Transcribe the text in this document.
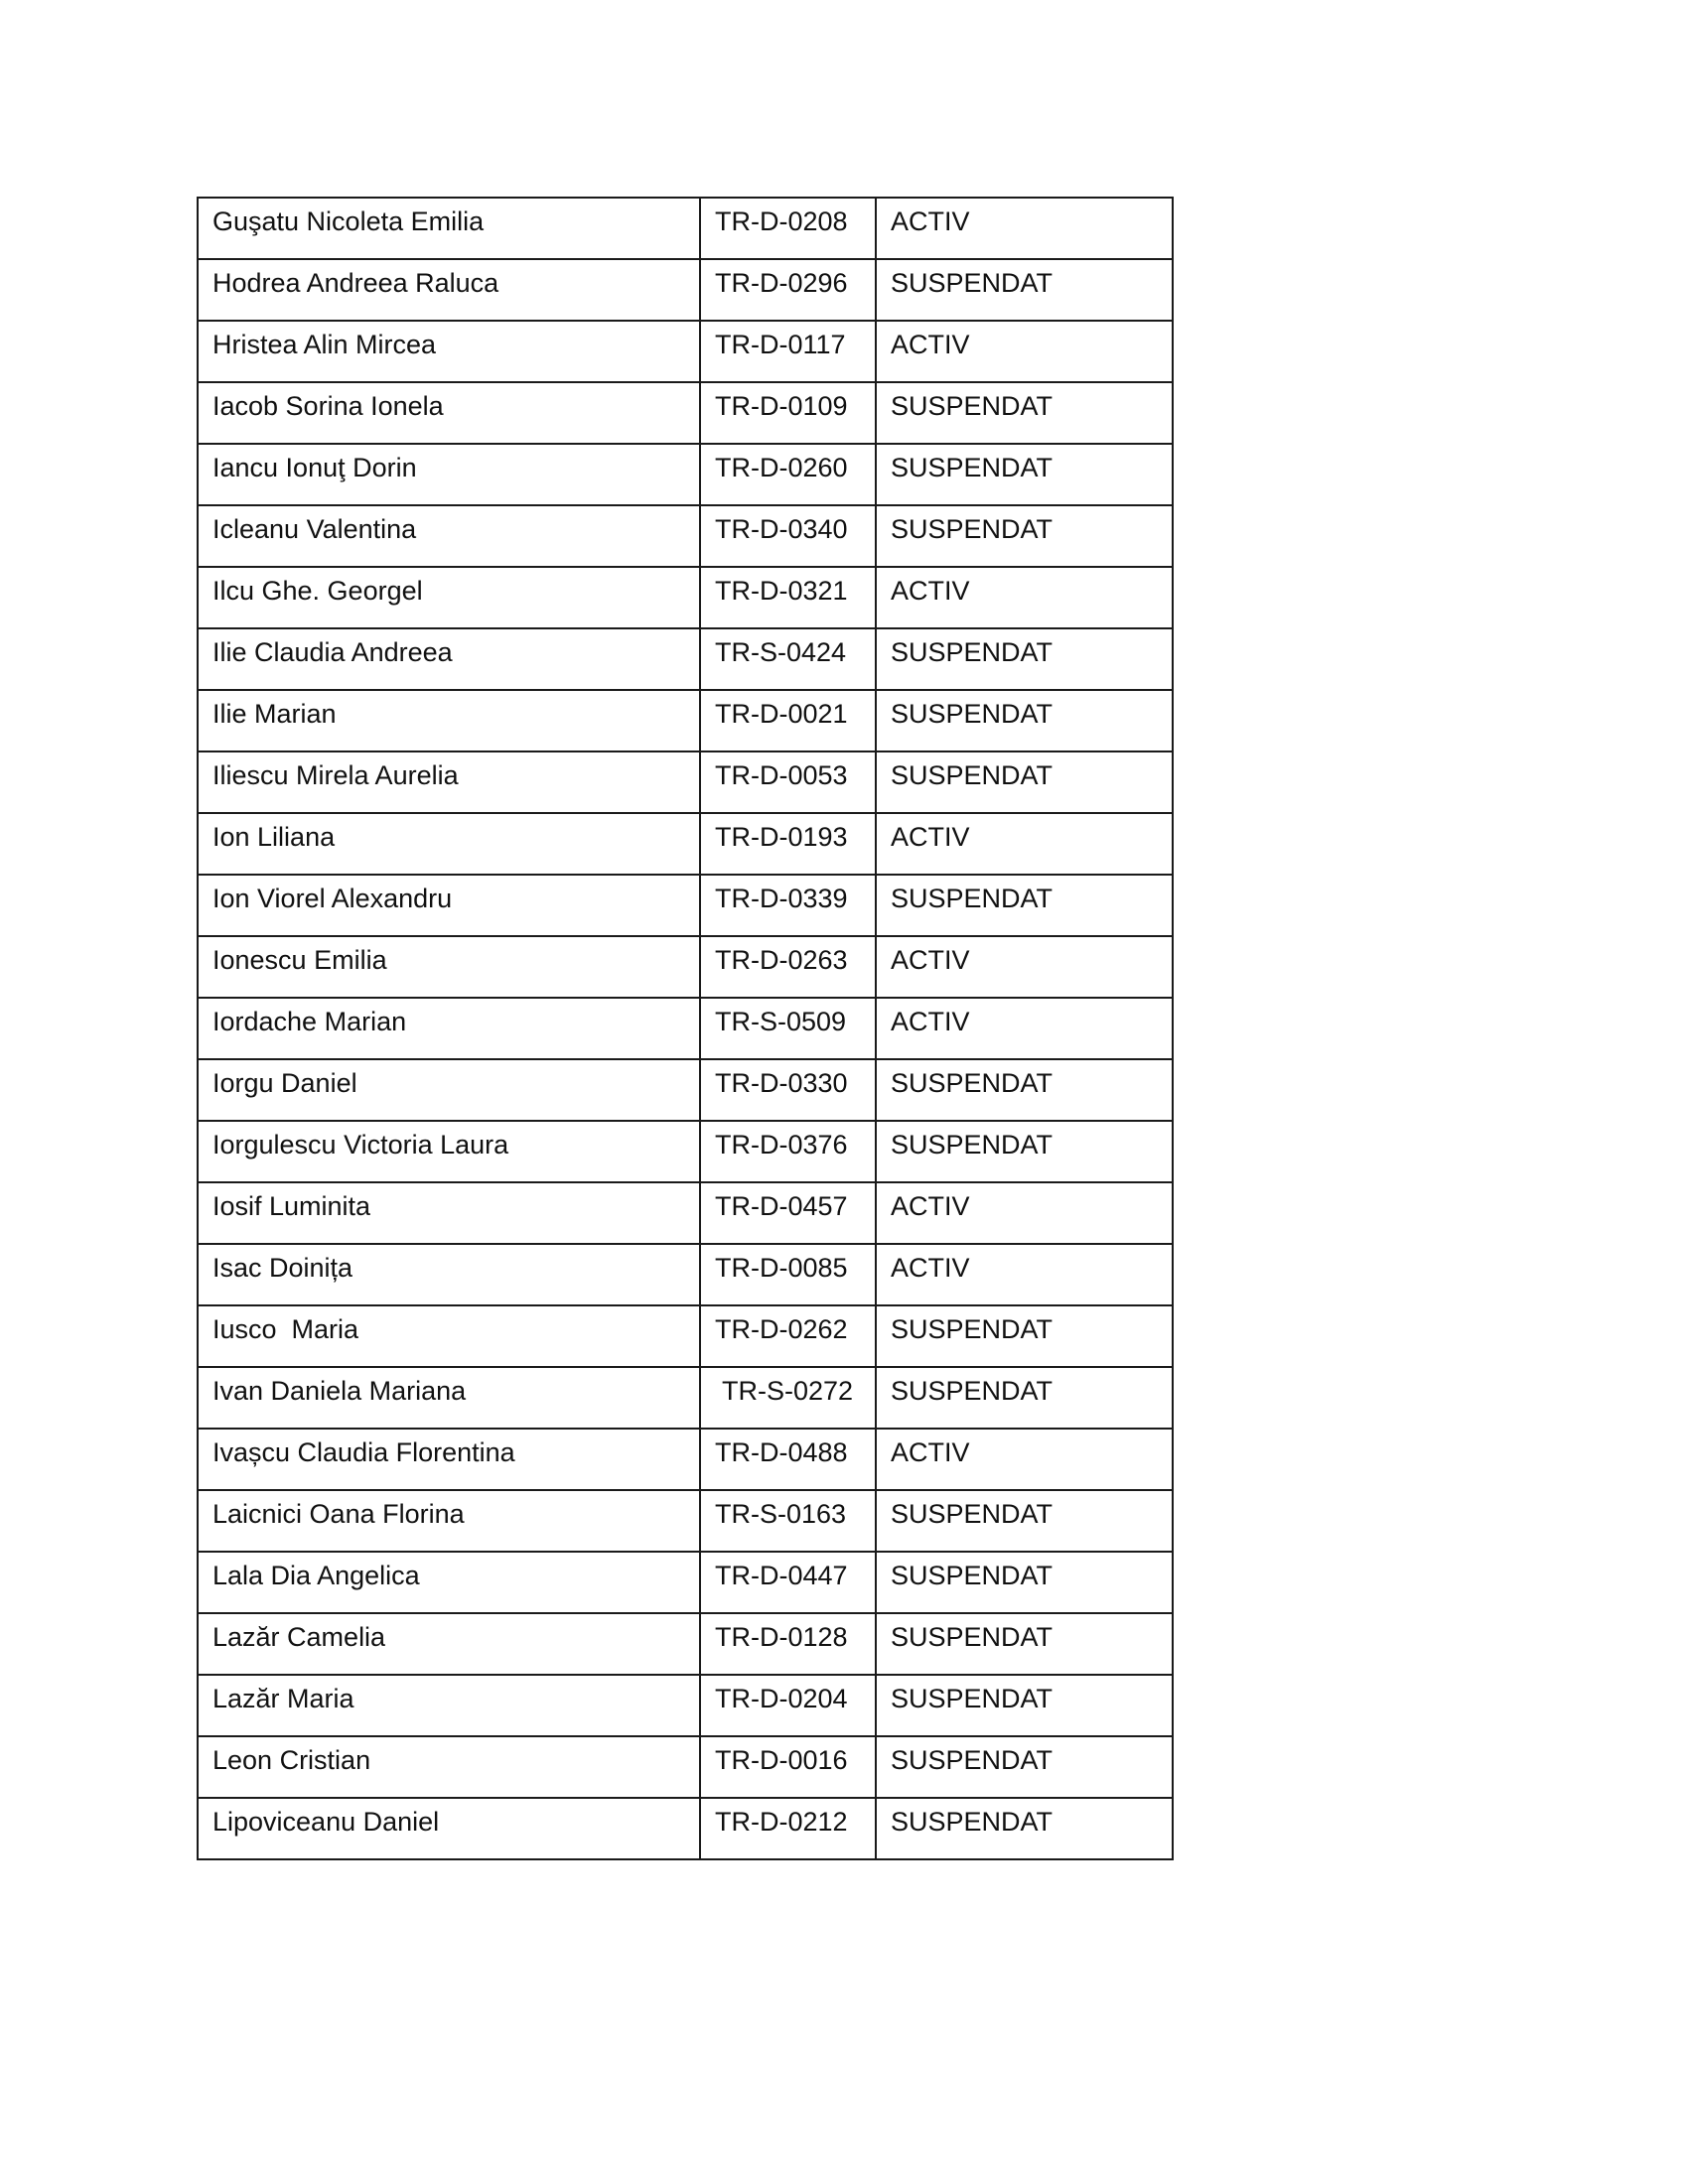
Guşatu Nicoleta Emilia	TR-D-0208	ACTIV

Hodrea Andreea Raluca	TR-D-0296	SUSPENDAT

Hristea Alin Mircea	TR-D-0117	ACTIV

Iacob Sorina Ionela	TR-D-0109	SUSPENDAT

Iancu Ionuţ Dorin	TR-D-0260	SUSPENDAT

Icleanu Valentina	TR-D-0340	SUSPENDAT

Ilcu Ghe. Georgel	TR-D-0321	ACTIV

Ilie Claudia Andreea	TR-S-0424	SUSPENDAT

Ilie Marian	TR-D-0021	SUSPENDAT

Iliescu Mirela Aurelia	TR-D-0053	SUSPENDAT

Ion Liliana	TR-D-0193	ACTIV

Ion Viorel Alexandru	TR-D-0339	SUSPENDAT

Ionescu Emilia	TR-D-0263	ACTIV

Iordache Marian	TR-S-0509	ACTIV

Iorgu Daniel	TR-D-0330	SUSPENDAT

Iorgulescu Victoria Laura	TR-D-0376	SUSPENDAT

Iosif Luminita	TR-D-0457	ACTIV

Isac Doinița	TR-D-0085	ACTIV

Iusco  Maria	TR-D-0262	SUSPENDAT

Ivan Daniela Mariana	TR-S-0272	SUSPENDAT

Ivașcu Claudia Florentina	TR-D-0488	ACTIV

Laicnici Oana Florina	TR-S-0163	SUSPENDAT

Lala Dia Angelica	TR-D-0447	SUSPENDAT

Lazăr Camelia	TR-D-0128	SUSPENDAT

Lazăr Maria	TR-D-0204	SUSPENDAT

Leon Cristian	TR-D-0016	SUSPENDAT

Lipoviceanu Daniel	TR-D-0212	SUSPENDAT
